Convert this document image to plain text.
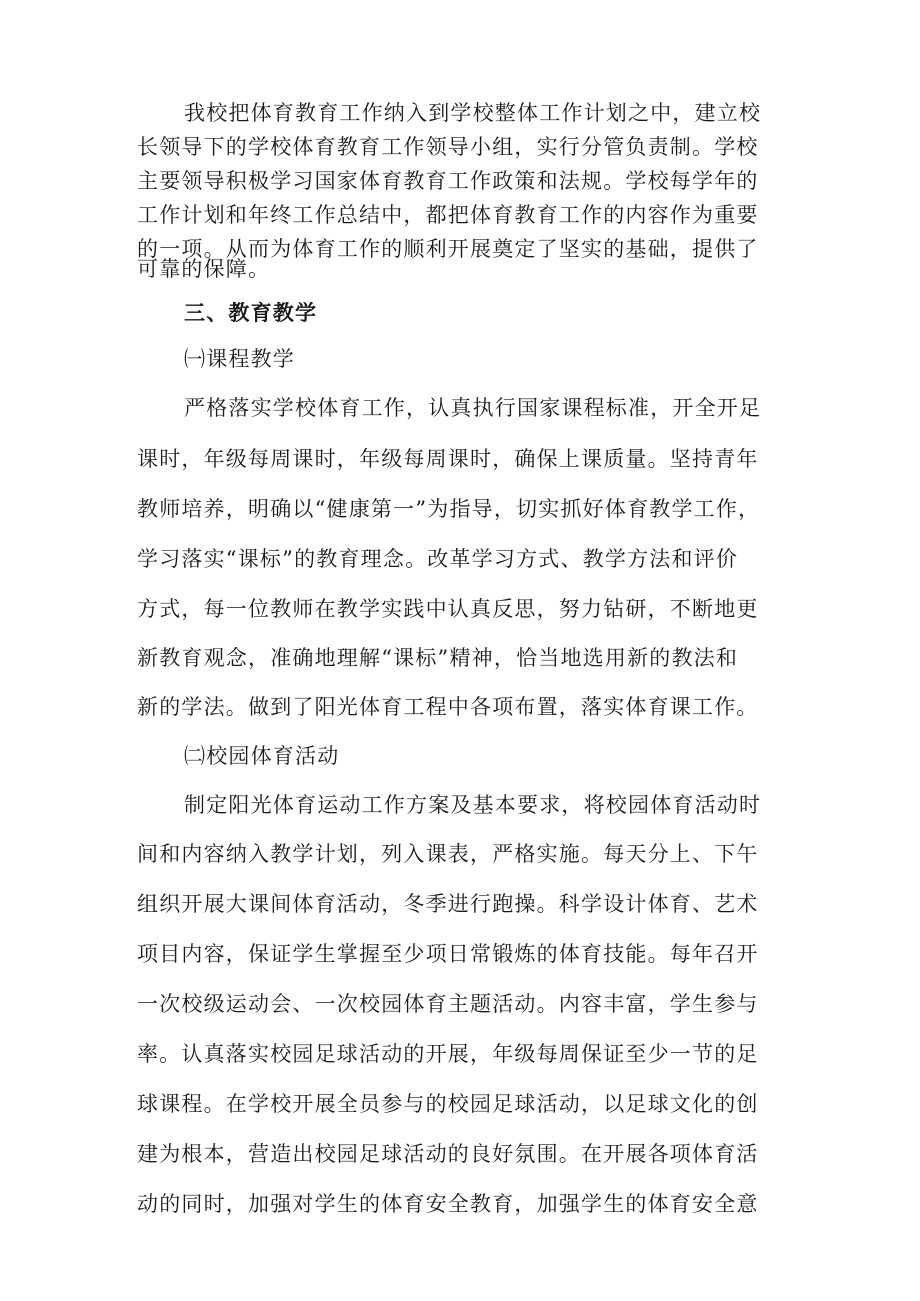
我校把体育教育工作纳入到学校整体工作计划之中，建立校
长领导下的学校体育教育工作领导小组，实行分管负责制。学校
主要领导积极学习国家体育教育工作政策和法规。学校每学年的
工作计划和年终工作总结中，都把体育教育工作的内容作为重要
的一项。从而为体育工作的顺利开展奠定了坚实的基础，提供了
可靠的保障。
三、教育教学
㈠课程教学
严格落实学校体育工作，认真执行国家课程标准，开全开足
课时，年级每周课时，年级每周课时，确保上课质量。坚持青年
教师培养，明确以“健康第一”为指导，切实抓好体育教学工作，
学习落实“课标”的教育理念。改革学习方式、教学方法和评价
方式，每一位教师在教学实践中认真反思，努力钻研，不断地更
新教育观念，准确地理解“课标”精神，恰当地选用新的教法和
新的学法。做到了阳光体育工程中各项布置，落实体育课工作。
㈡校园体育活动
制定阳光体育运动工作方案及基本要求，将校园体育活动时
间和内容纳入教学计划，列入课表，严格实施。每天分上、下午
组织开展大课间体育活动，冬季进行跑操。科学设计体育、艺术
项目内容，保证学生掌握至少项日常锻炼的体育技能。每年召开
一次校级运动会、一次校园体育主题活动。内容丰富，学生参与
率。认真落实校园足球活动的开展，年级每周保证至少一节的足
球课程。在学校开展全员参与的校园足球活动，以足球文化的创
建为根本，营造出校园足球活动的良好氛围。在开展各项体育活
动的同时，加强对学生的体育安全教育，加强学生的体育安全意
